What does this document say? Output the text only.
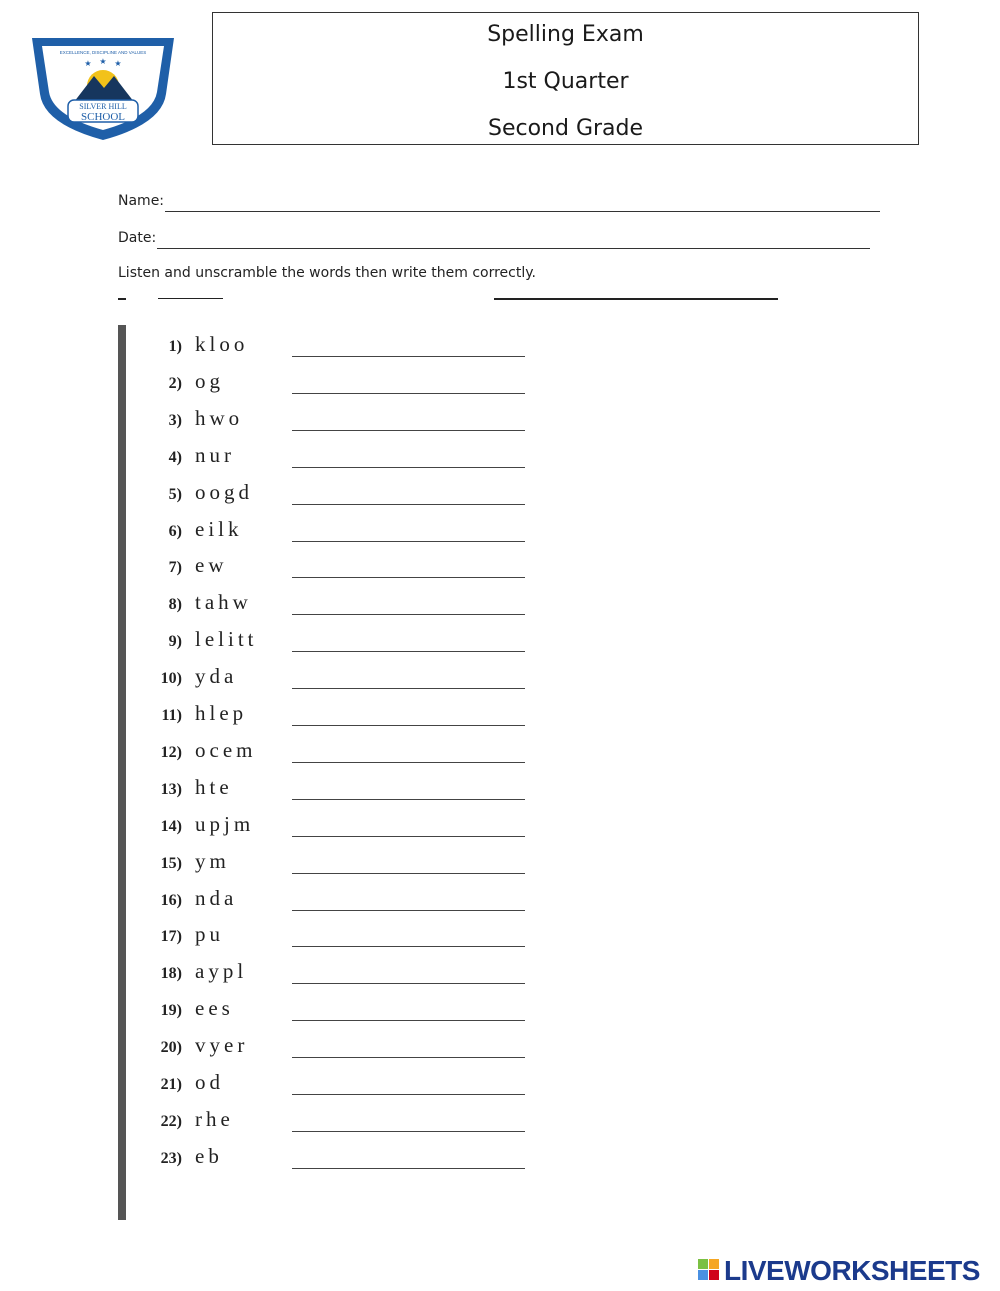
SILVER HILL
SCHOOL
EXCELLENCE, DISCIPLINE AND VALUES
★ ★ ★
Spelling Exam
1st Quarter
Second Grade
Name:
Date:
Listen and unscramble the words then write them correctly.
1) kloo
2) og
3) hwo
4) nur
5) oogd
6) eilk
7) ew
8) tahw
9) lelitt
10) yda
11) hlep
12) ocem
13) hte
14) upjm
15) ym
16) nda
17) pu
18) aypl
19) ees
20) vyer
21) od
22) rhe
23) eb
LIVEWORKSHEETS
